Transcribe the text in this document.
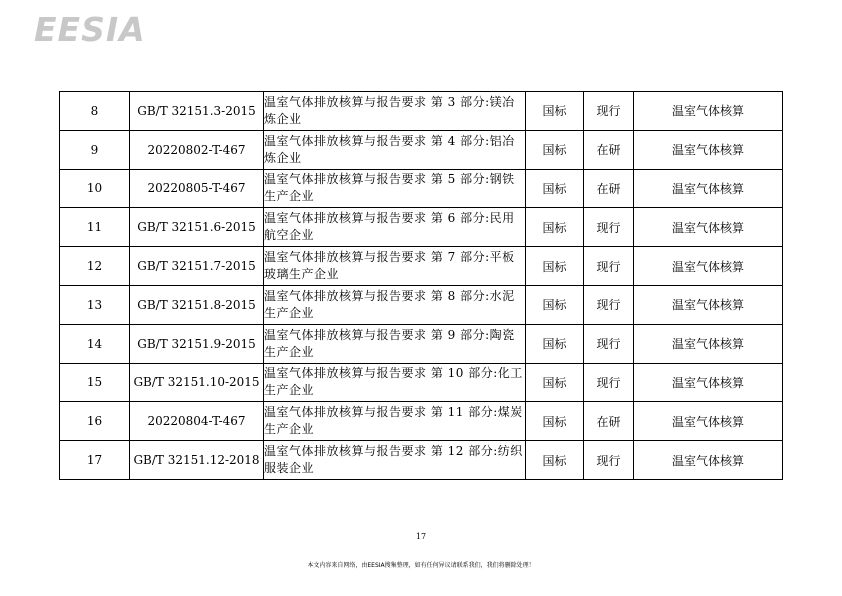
EESIA
8	GB/T 32151.3-2015	温室气体排放核算与报告要求 第 3 部分:镁冶炼企业	国标	现行	温室气体核算
9	20220802-T-467	温室气体排放核算与报告要求 第 4 部分:铝冶炼企业	国标	在研	温室气体核算
10	20220805-T-467	温室气体排放核算与报告要求 第 5 部分:钢铁生产企业	国标	在研	温室气体核算
11	GB/T 32151.6-2015	温室气体排放核算与报告要求 第 6 部分:民用航空企业	国标	现行	温室气体核算
12	GB/T 32151.7-2015	温室气体排放核算与报告要求 第 7 部分:平板玻璃生产企业	国标	现行	温室气体核算
13	GB/T 32151.8-2015	温室气体排放核算与报告要求 第 8 部分:水泥生产企业	国标	现行	温室气体核算
14	GB/T 32151.9-2015	温室气体排放核算与报告要求 第 9 部分:陶瓷生产企业	国标	现行	温室气体核算
15	GB/T 32151.10-2015	温室气体排放核算与报告要求 第 10 部分:化工生产企业	国标	现行	温室气体核算
16	20220804-T-467	温室气体排放核算与报告要求 第 11 部分:煤炭生产企业	国标	在研	温室气体核算
17	GB/T 32151.12-2018	温室气体排放核算与报告要求 第 12 部分:纺织服装企业	国标	现行	温室气体核算
17
本文内容来自网络，由EESIA搜集整理，如有任何异议请联系我们，我们将删除处理！
